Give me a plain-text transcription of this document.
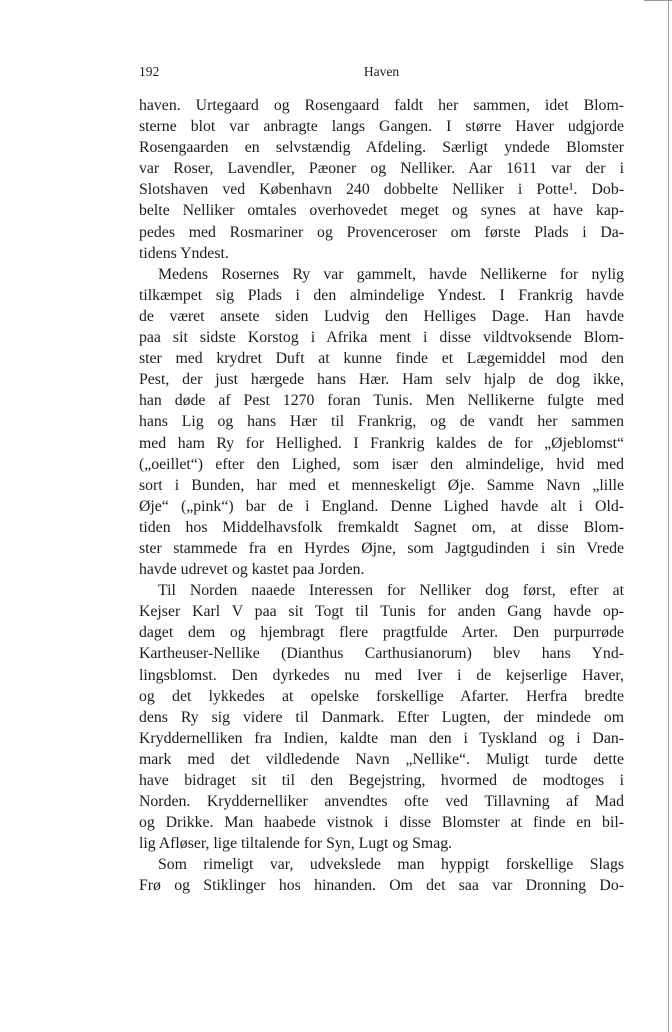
192	Haven
haven. Urtegaard og Rosengaard faldt her sammen, idet Blom-
sterne blot var anbragte langs Gangen. I større Haver udgjorde
Rosengaarden en selvstændig Afdeling. Særligt yndede Blomster
var Roser, Lavendler, Pæoner og Nelliker. Aar 1611 var der i
Slotshaven ved København 240 dobbelte Nelliker i Potte¹. Dob-
belte Nelliker omtales overhovedet meget og synes at have kap-
pedes med Rosmariner og Provenceroser om første Plads i Da-
tidens Yndest.
Medens Rosernes Ry var gammelt, havde Nellikerne for nylig
tilkæmpet sig Plads i den almindelige Yndest. I Frankrig havde
de været ansete siden Ludvig den Helliges Dage. Han havde
paa sit sidste Korstog i Afrika ment i disse vildtvoksende Blom-
ster med krydret Duft at kunne finde et Lægemiddel mod den
Pest, der just hærgede hans Hær. Ham selv hjalp de dog ikke,
han døde af Pest 1270 foran Tunis. Men Nellikerne fulgte med
hans Lig og hans Hær til Frankrig, og de vandt her sammen
med ham Ry for Hellighed. I Frankrig kaldes de for „Øjeblomst“
(„oeillet“) efter den Lighed, som især den almindelige, hvid med
sort i Bunden, har med et menneskeligt Øje. Samme Navn „lille
Øje“ („pink“) bar de i England. Denne Lighed havde alt i Old-
tiden hos Middelhavsfolk fremkaldt Sagnet om, at disse Blom-
ster stammede fra en Hyrdes Øjne, som Jagtgudinden i sin Vrede
havde udrevet og kastet paa Jorden.
Til Norden naaede Interessen for Nelliker dog først, efter at
Kejser Karl V paa sit Togt til Tunis for anden Gang havde op-
daget dem og hjembragt flere pragtfulde Arter. Den purpurrøde
Kartheuser-Nellike (Dianthus Carthusianorum) blev hans Ynd-
lingsblomst. Den dyrkedes nu med Iver i de kejserlige Haver,
og det lykkedes at opelske forskellige Afarter. Herfra bredte
dens Ry sig videre til Danmark. Efter Lugten, der mindede om
Kryddernelliken fra Indien, kaldte man den i Tyskland og i Dan-
mark med det vildledende Navn „Nellike“. Muligt turde dette
have bidraget sit til den Begejstring, hvormed de modtoges i
Norden. Kryddernelliker anvendtes ofte ved Tillavning af Mad
og Drikke. Man haabede vistnok i disse Blomster at finde en bil-
lig Afløser, lige tiltalende for Syn, Lugt og Smag.
Som rimeligt var, udvekslede man hyppigt forskellige Slags
Frø og Stiklinger hos hinanden. Om det saa var Dronning Do-
